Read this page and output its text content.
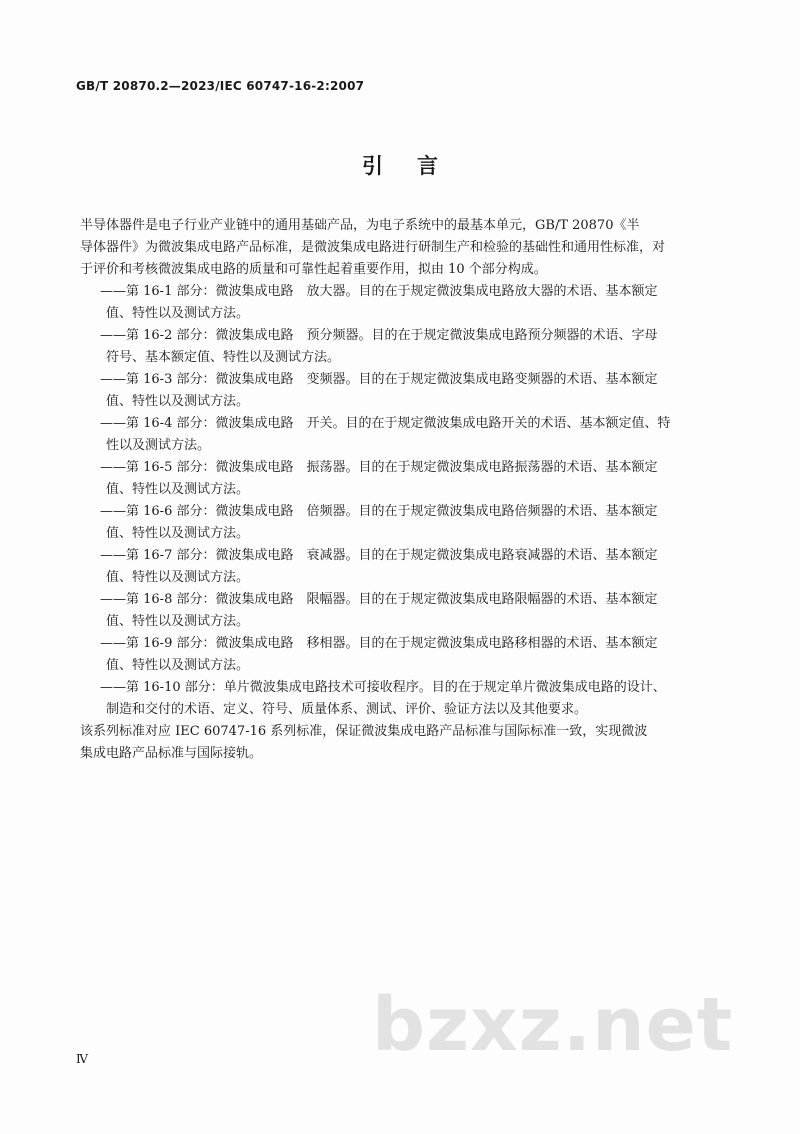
GB/T 20870.2—2023/IEC 60747-16-2:2007
引 言
半导体器件是电子行业产业链中的通用基础产品，为电子系统中的最基本单元，GB/T 20870《半
导体器件》为微波集成电路产品标准，是微波集成电路进行研制生产和检验的基础性和通用性标准，对
于评价和考核微波集成电路的质量和可靠性起着重要作用，拟由 10 个部分构成。
——第 16-1 部分：微波集成电路　放大器。目的在于规定微波集成电路放大器的术语、基本额定
值、特性以及测试方法。
——第 16-2 部分：微波集成电路　预分频器。目的在于规定微波集成电路预分频器的术语、字母
符号、基本额定值、特性以及测试方法。
——第 16-3 部分：微波集成电路　变频器。目的在于规定微波集成电路变频器的术语、基本额定
值、特性以及测试方法。
——第 16-4 部分：微波集成电路　开关。目的在于规定微波集成电路开关的术语、基本额定值、特
性以及测试方法。
——第 16-5 部分：微波集成电路　振荡器。目的在于规定微波集成电路振荡器的术语、基本额定
值、特性以及测试方法。
——第 16-6 部分：微波集成电路　倍频器。目的在于规定微波集成电路倍频器的术语、基本额定
值、特性以及测试方法。
——第 16-7 部分：微波集成电路　衰减器。目的在于规定微波集成电路衰减器的术语、基本额定
值、特性以及测试方法。
——第 16-8 部分：微波集成电路　限幅器。目的在于规定微波集成电路限幅器的术语、基本额定
值、特性以及测试方法。
——第 16-9 部分：微波集成电路　移相器。目的在于规定微波集成电路移相器的术语、基本额定
值、特性以及测试方法。
——第 16-10 部分：单片微波集成电路技术可接收程序。目的在于规定单片微波集成电路的设计、
制造和交付的术语、定义、符号、质量体系、测试、评价、验证方法以及其他要求。
该系列标准对应 IEC 60747-16 系列标准，保证微波集成电路产品标准与国际标准一致，实现微波
集成电路产品标准与国际接轨。
bzxz.net
Ⅳ
